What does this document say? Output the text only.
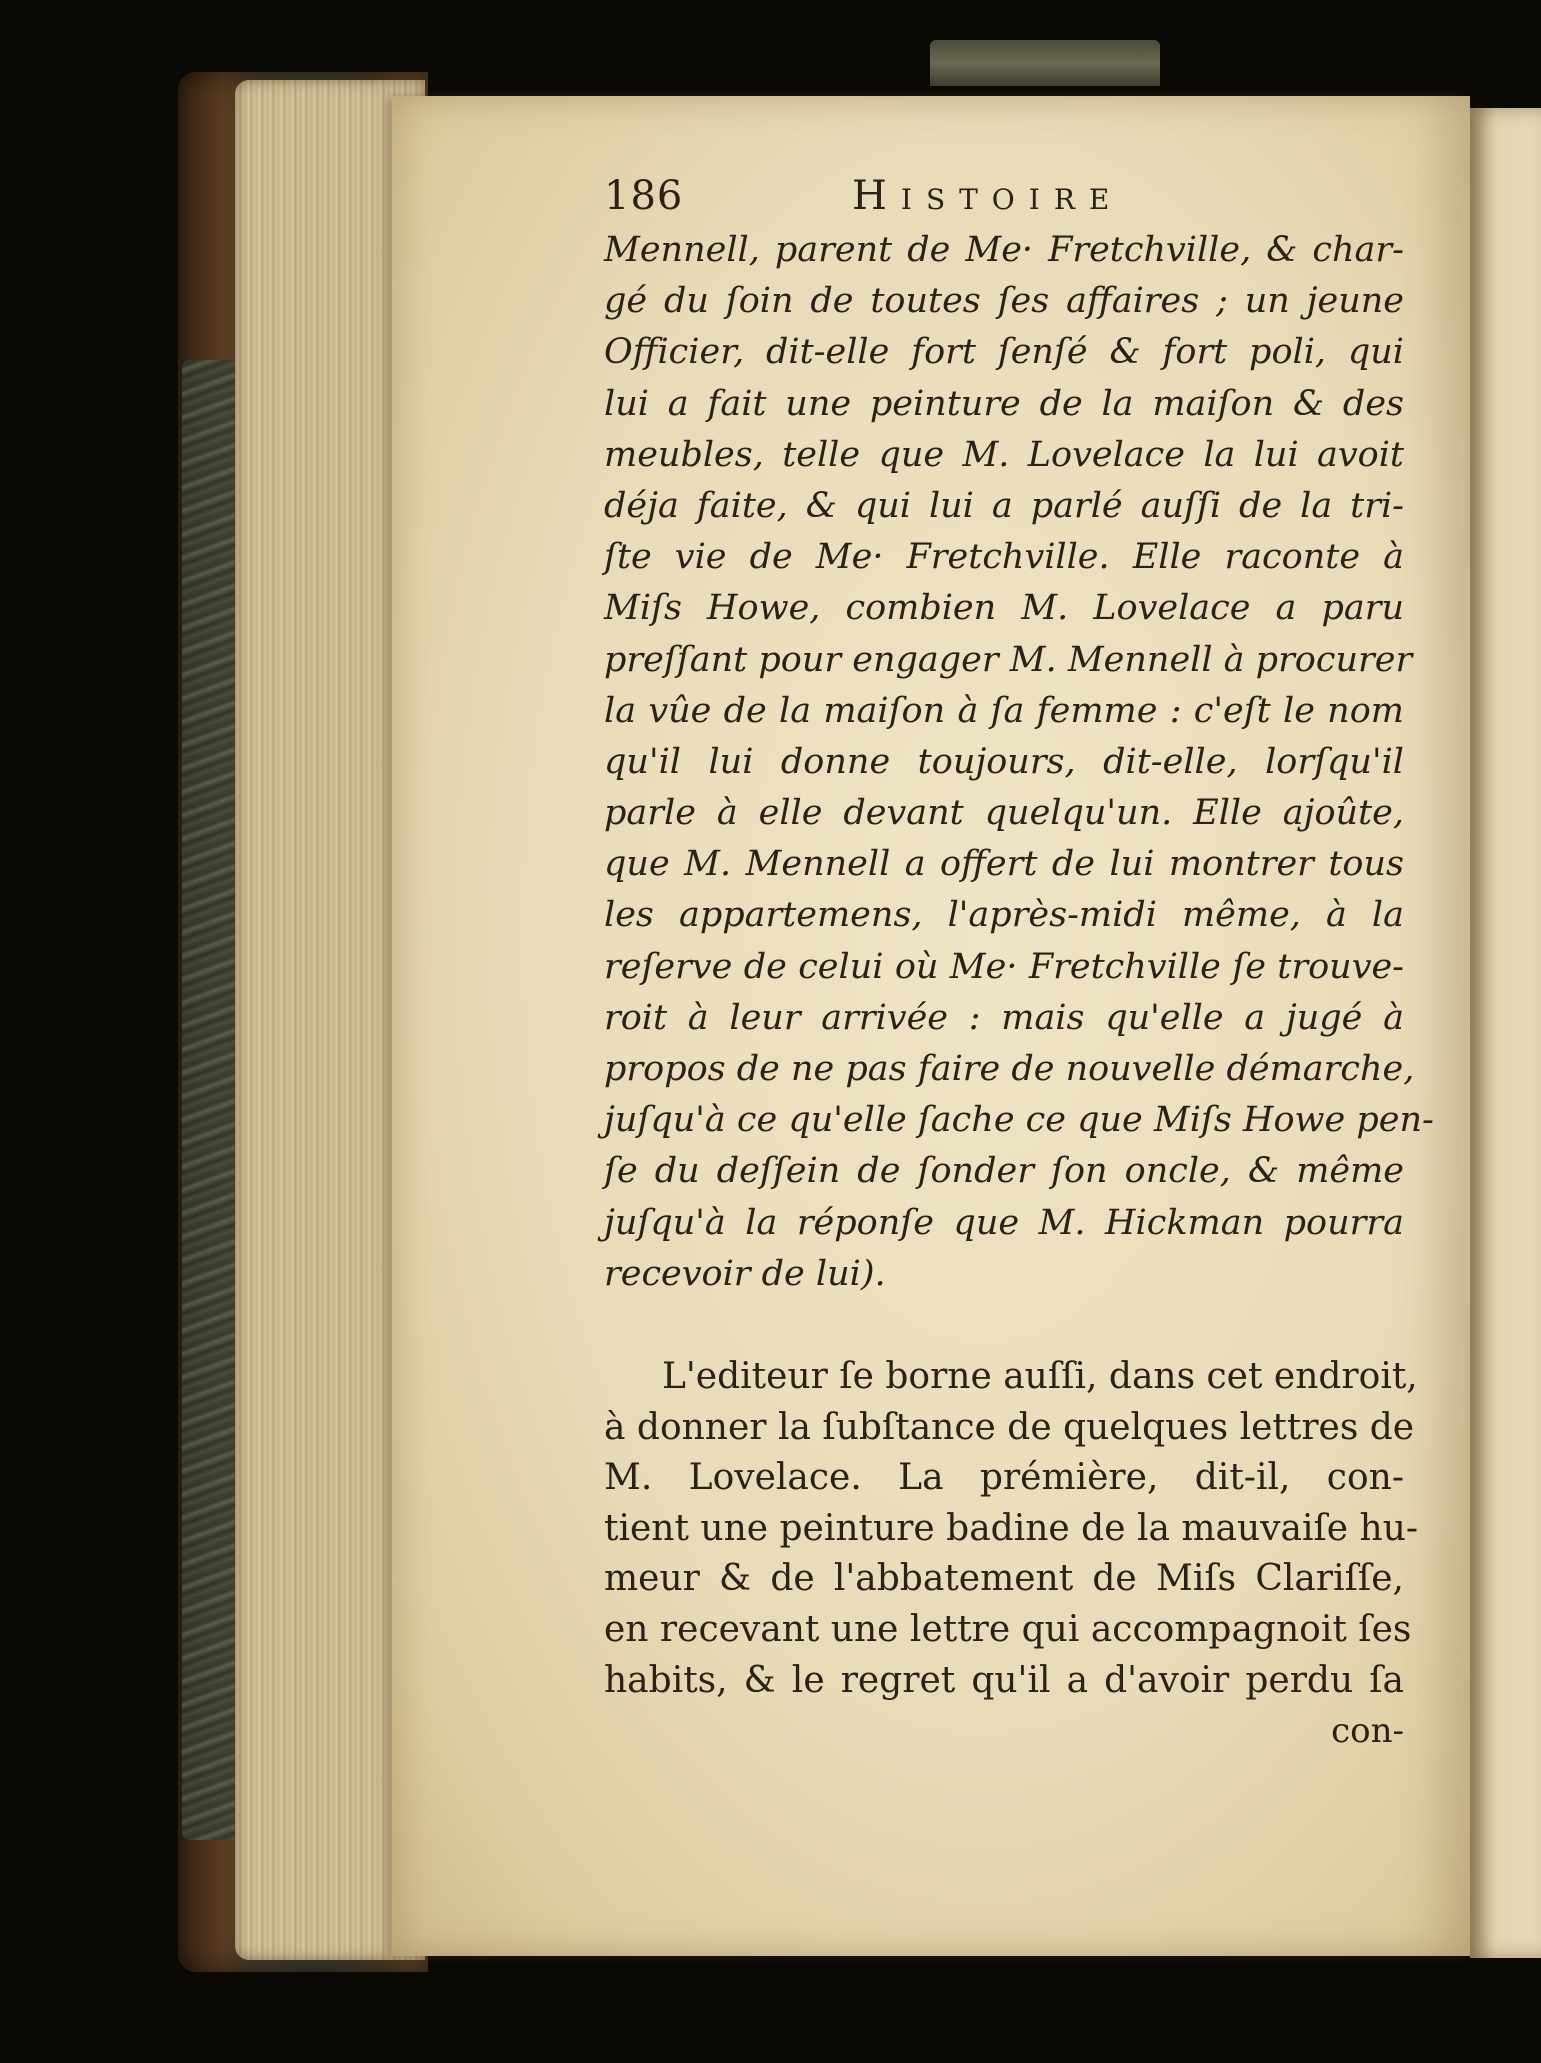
186	Histoire
Mennell, parent de Me· Fretchville, & char-
gé du ſoin de toutes ſes affaires ; un jeune
Officier, dit-elle fort ſenſé & fort poli, qui
lui a fait une peinture de la maiſon & des
meubles, telle que M. Lovelace la lui avoit
déja faite, & qui lui a parlé auſſi de la tri-
ſte vie de Me· Fretchville. Elle raconte à
Miſs Howe, combien M. Lovelace a paru
preſſant pour engager M. Mennell à procurer
la vûe de la maiſon à ſa femme : c'eſt le nom
qu'il lui donne toujours, dit-elle, lorſqu'il
parle à elle devant quelqu'un. Elle ajoûte,
que M. Mennell a offert de lui montrer tous
les appartemens, l'après-midi même, à la
reſerve de celui où Me· Fretchville ſe trouve-
roit à leur arrivée : mais qu'elle a jugé à
propos de ne pas faire de nouvelle démarche,
juſqu'à ce qu'elle ſache ce que Miſs Howe pen-
ſe du deſſein de ſonder ſon oncle, & même
juſqu'à la réponſe que M. Hickman pourra
recevoir de lui).
L'editeur ſe borne auſſi, dans cet endroit,
à donner la ſubſtance de quelques lettres de
M. Lovelace. La prémière, dit-il, con-
tient une peinture badine de la mauvaiſe hu-
meur & de l'abbatement de Miſs Clariſſe,
en recevant une lettre qui accompagnoit ſes
habits, & le regret qu'il a d'avoir perdu ſa
con-
